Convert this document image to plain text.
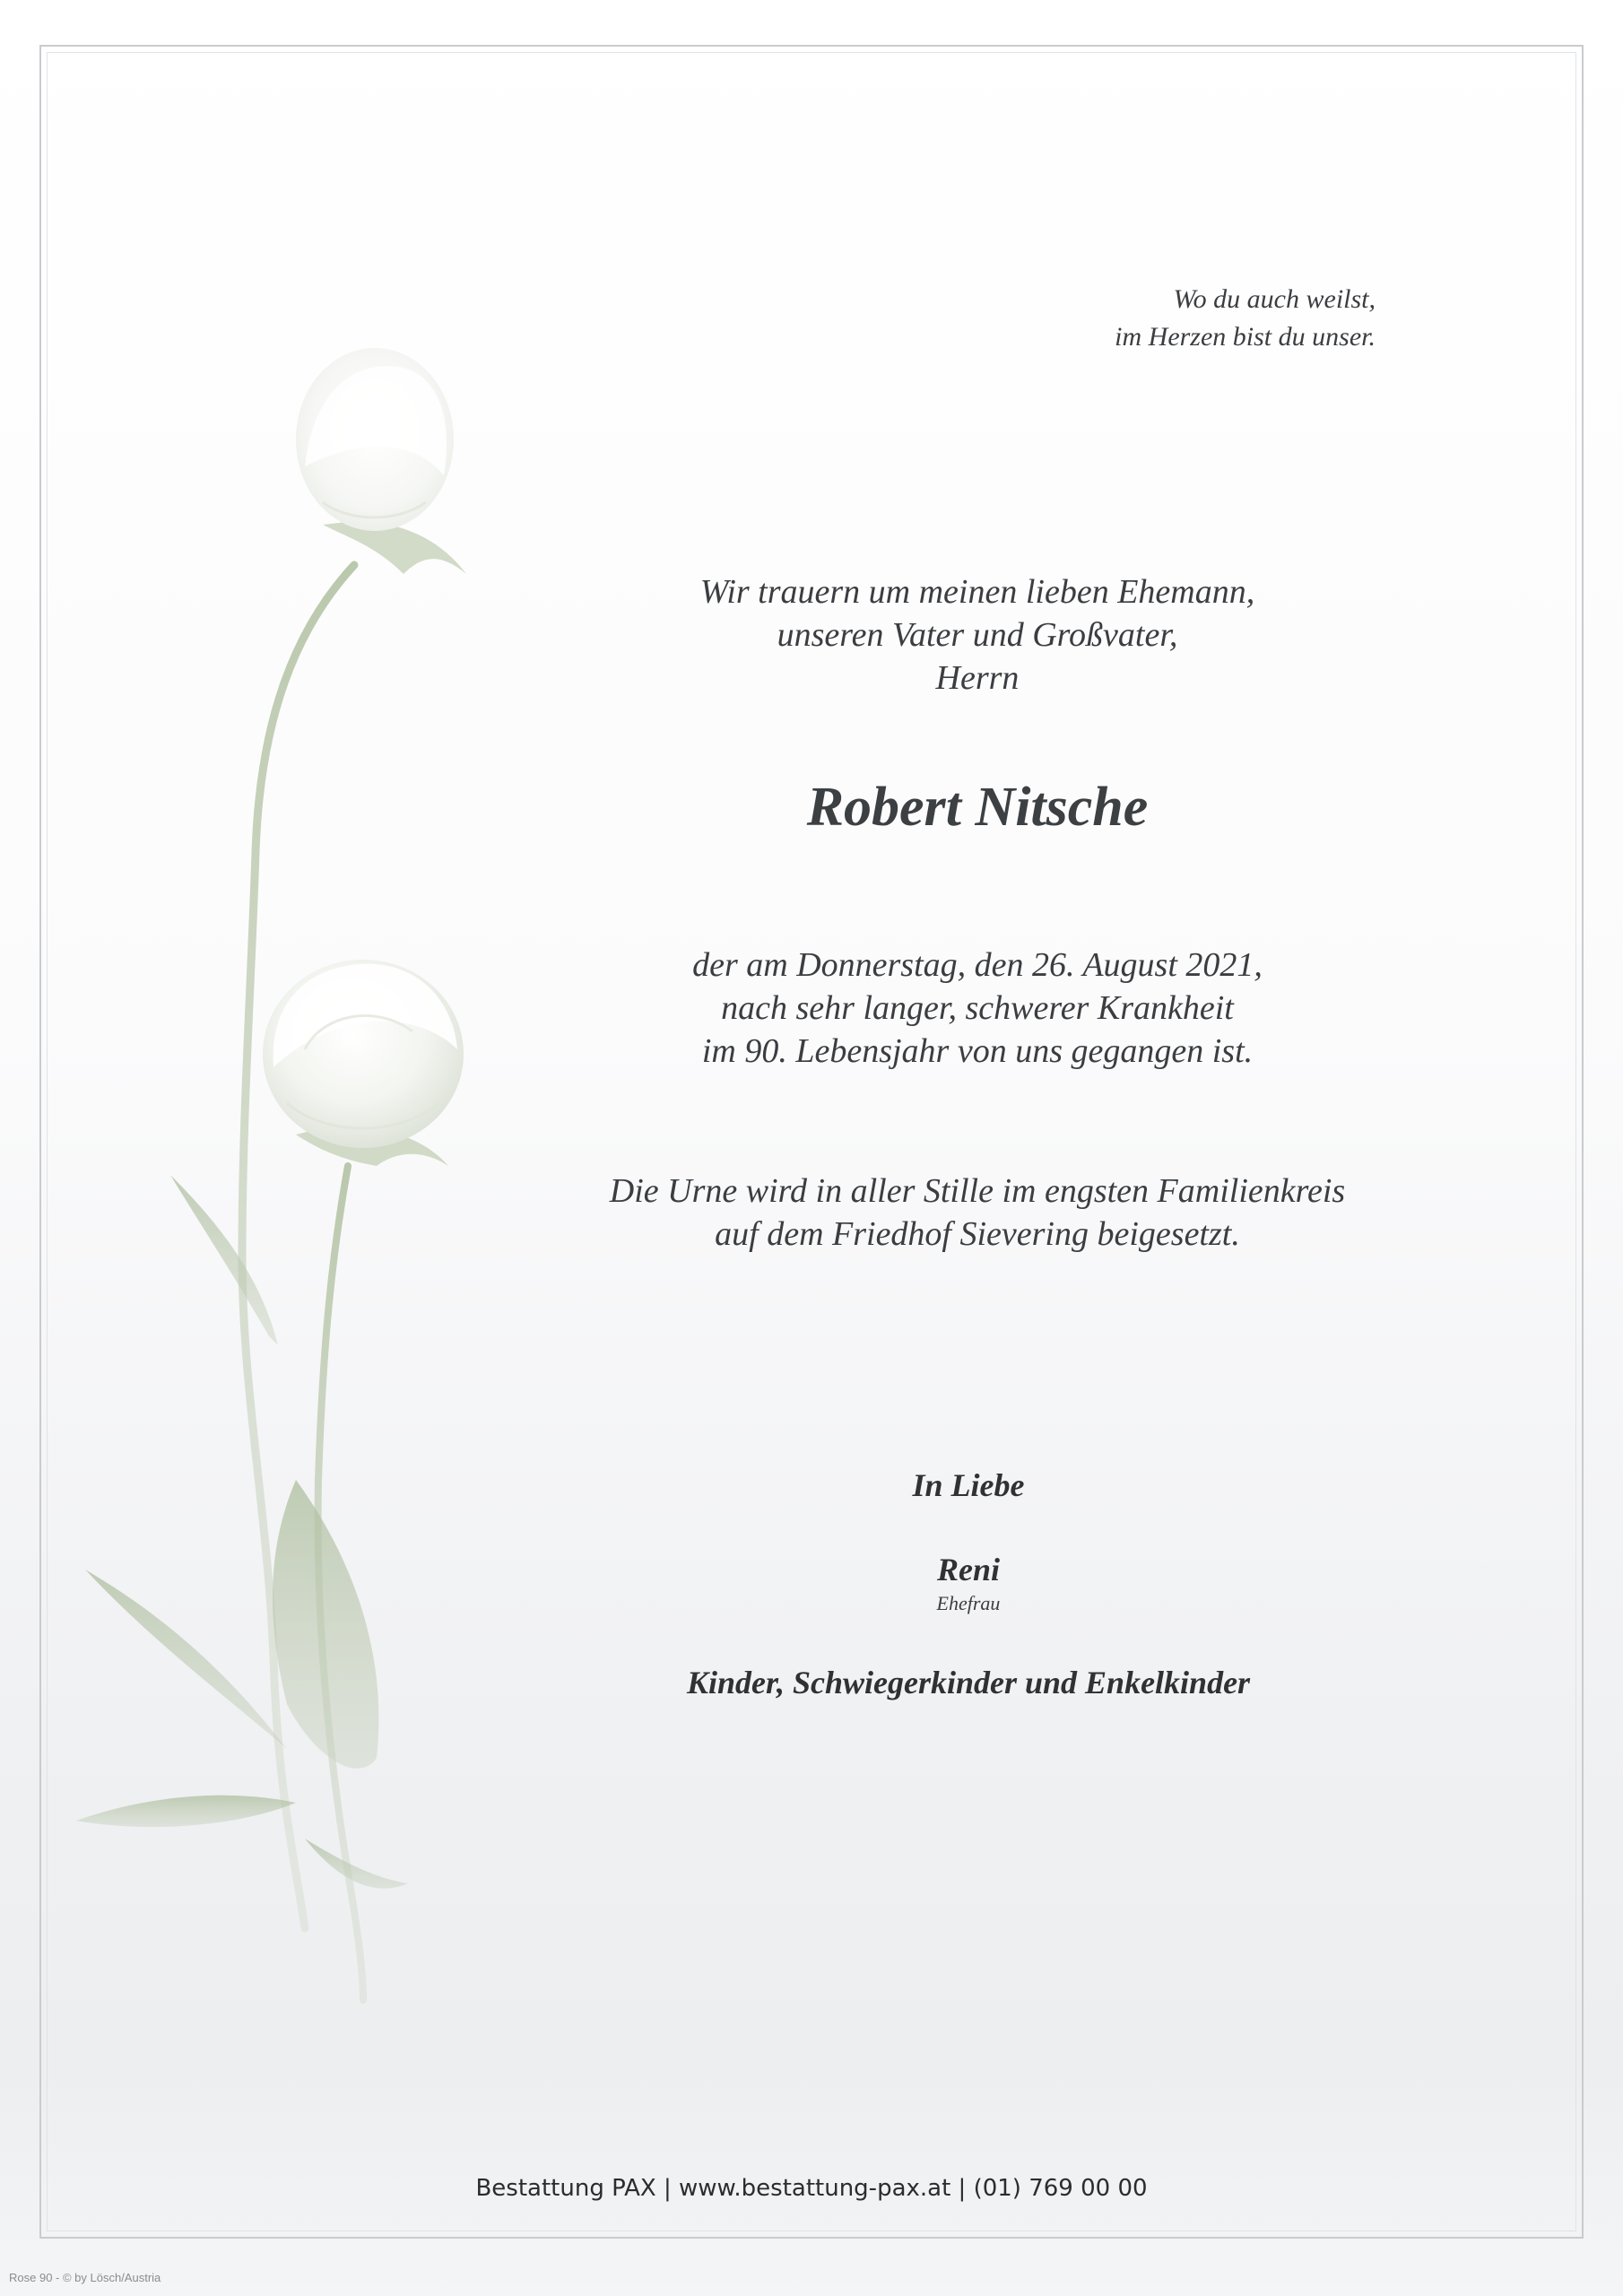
Wo du auch weilst,
im Herzen bist du unser.
Wir trauern um meinen lieben Ehemann,
unseren Vater und Großvater,
Herrn
Robert Nitsche
der am Donnerstag, den 26. August 2021,
nach sehr langer, schwerer Krankheit
im 90. Lebensjahr von uns gegangen ist.
Die Urne wird in aller Stille im engsten Familienkreis
auf dem Friedhof Sievering beigesetzt.
In Liebe
Reni
Ehefrau
Kinder, Schwiegerkinder und Enkelkinder
Bestattung PAX | www.bestattung-pax.at | (01) 769 00 00
Rose 90 - © by Lösch/Austria
